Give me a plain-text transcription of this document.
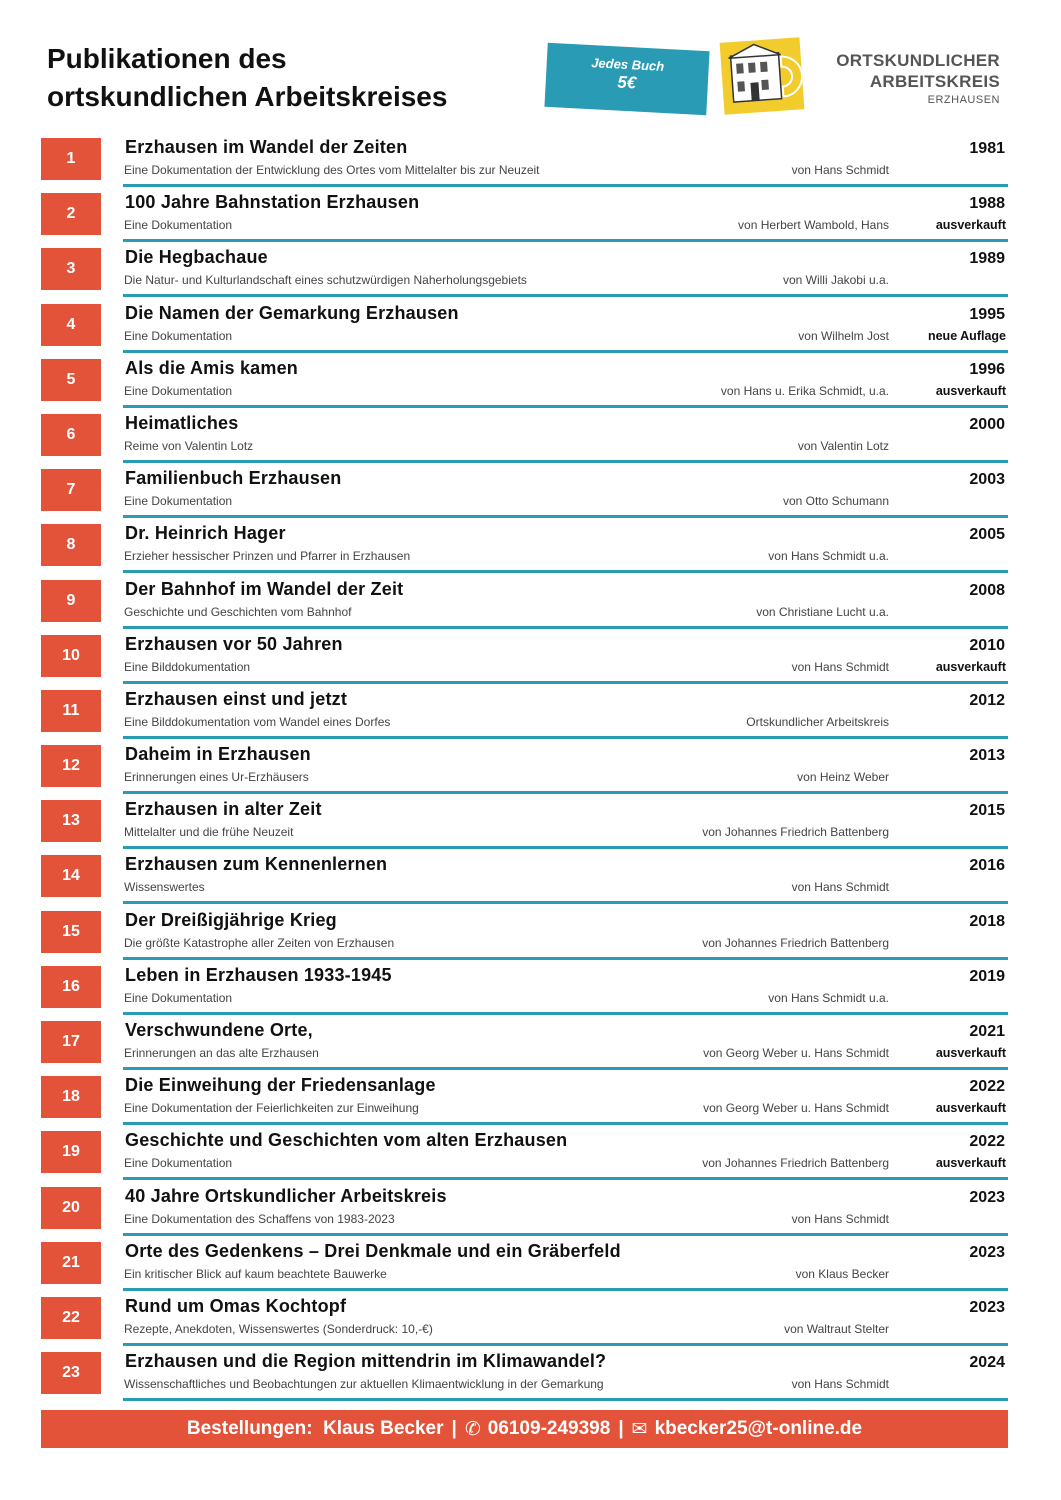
Publikationen des
ortskundlichen Arbeitskreises
Jedes Buch
5€
ORTSKUNDLICHER
ARBEITSKREIS
ERZHAUSEN
1
Erzhausen im Wandel der Zeiten
Eine Dokumentation der Entwicklung des Ortes vom Mittelalter bis zur Neuzeit	von Hans Schmidt
1981
2
100 Jahre Bahnstation Erzhausen
Eine Dokumentation	von Herbert Wambold, Hans
1988
ausverkauft
3
Die Hegbachaue
Die Natur- und Kulturlandschaft eines schutzwürdigen Naherholungsgebiets	von Willi Jakobi u.a.
1989
4
Die Namen der Gemarkung Erzhausen
Eine Dokumentation	von Wilhelm Jost
1995
neue Auflage
5
Als die Amis kamen
Eine Dokumentation	von Hans u. Erika Schmidt, u.a.
1996
ausverkauft
6
Heimatliches
Reime von Valentin Lotz	von Valentin Lotz
2000
7
Familienbuch Erzhausen
Eine Dokumentation	von Otto Schumann
2003
8
Dr. Heinrich Hager
Erzieher hessischer Prinzen und Pfarrer in Erzhausen	von Hans Schmidt u.a.
2005
9
Der Bahnhof im Wandel der Zeit
Geschichte und Geschichten vom Bahnhof	von Christiane Lucht u.a.
2008
10
Erzhausen vor 50 Jahren
Eine Bilddokumentation	von Hans Schmidt
2010
ausverkauft
11
Erzhausen einst und jetzt
Eine Bilddokumentation vom Wandel eines Dorfes	Ortskundlicher Arbeitskreis
2012
12
Daheim in Erzhausen
Erinnerungen eines Ur-Erzhäusers	von Heinz Weber
2013
13
Erzhausen in alter Zeit
Mittelalter und die frühe Neuzeit	von Johannes Friedrich Battenberg
2015
14
Erzhausen zum Kennenlernen
Wissenswertes	von Hans Schmidt
2016
15
Der Dreißigjährige Krieg
Die größte Katastrophe aller Zeiten von Erzhausen	von Johannes Friedrich Battenberg
2018
16
Leben in Erzhausen 1933-1945
Eine Dokumentation	von Hans Schmidt u.a.
2019
17
Verschwundene Orte,
Erinnerungen an das alte Erzhausen	von Georg Weber u. Hans Schmidt
2021
ausverkauft
18
Die Einweihung der Friedensanlage
Eine Dokumentation der Feierlichkeiten zur Einweihung	von Georg Weber u. Hans Schmidt
2022
ausverkauft
19
Geschichte und Geschichten vom alten Erzhausen
Eine Dokumentation	von Johannes Friedrich Battenberg
2022
ausverkauft
20
40 Jahre Ortskundlicher Arbeitskreis
Eine Dokumentation des Schaffens von 1983-2023	von Hans Schmidt
2023
21
Orte des Gedenkens – Drei Denkmale und ein Gräberfeld
Ein kritischer Blick auf kaum beachtete Bauwerke	von Klaus Becker
2023
22
Rund um Omas Kochtopf
Rezepte, Anekdoten, Wissenswertes (Sonderdruck: 10,-€)	von Waltraut Stelter
2023
23
Erzhausen und die Region mittendrin im Klimawandel?
Wissenschaftliches und Beobachtungen zur aktuellen Klimaentwicklung in der Gemarkung	von Hans Schmidt
2024
Bestellungen:
Klaus Becker | ✆ 06109-249398 | ✉ kbecker25@t-online.de
